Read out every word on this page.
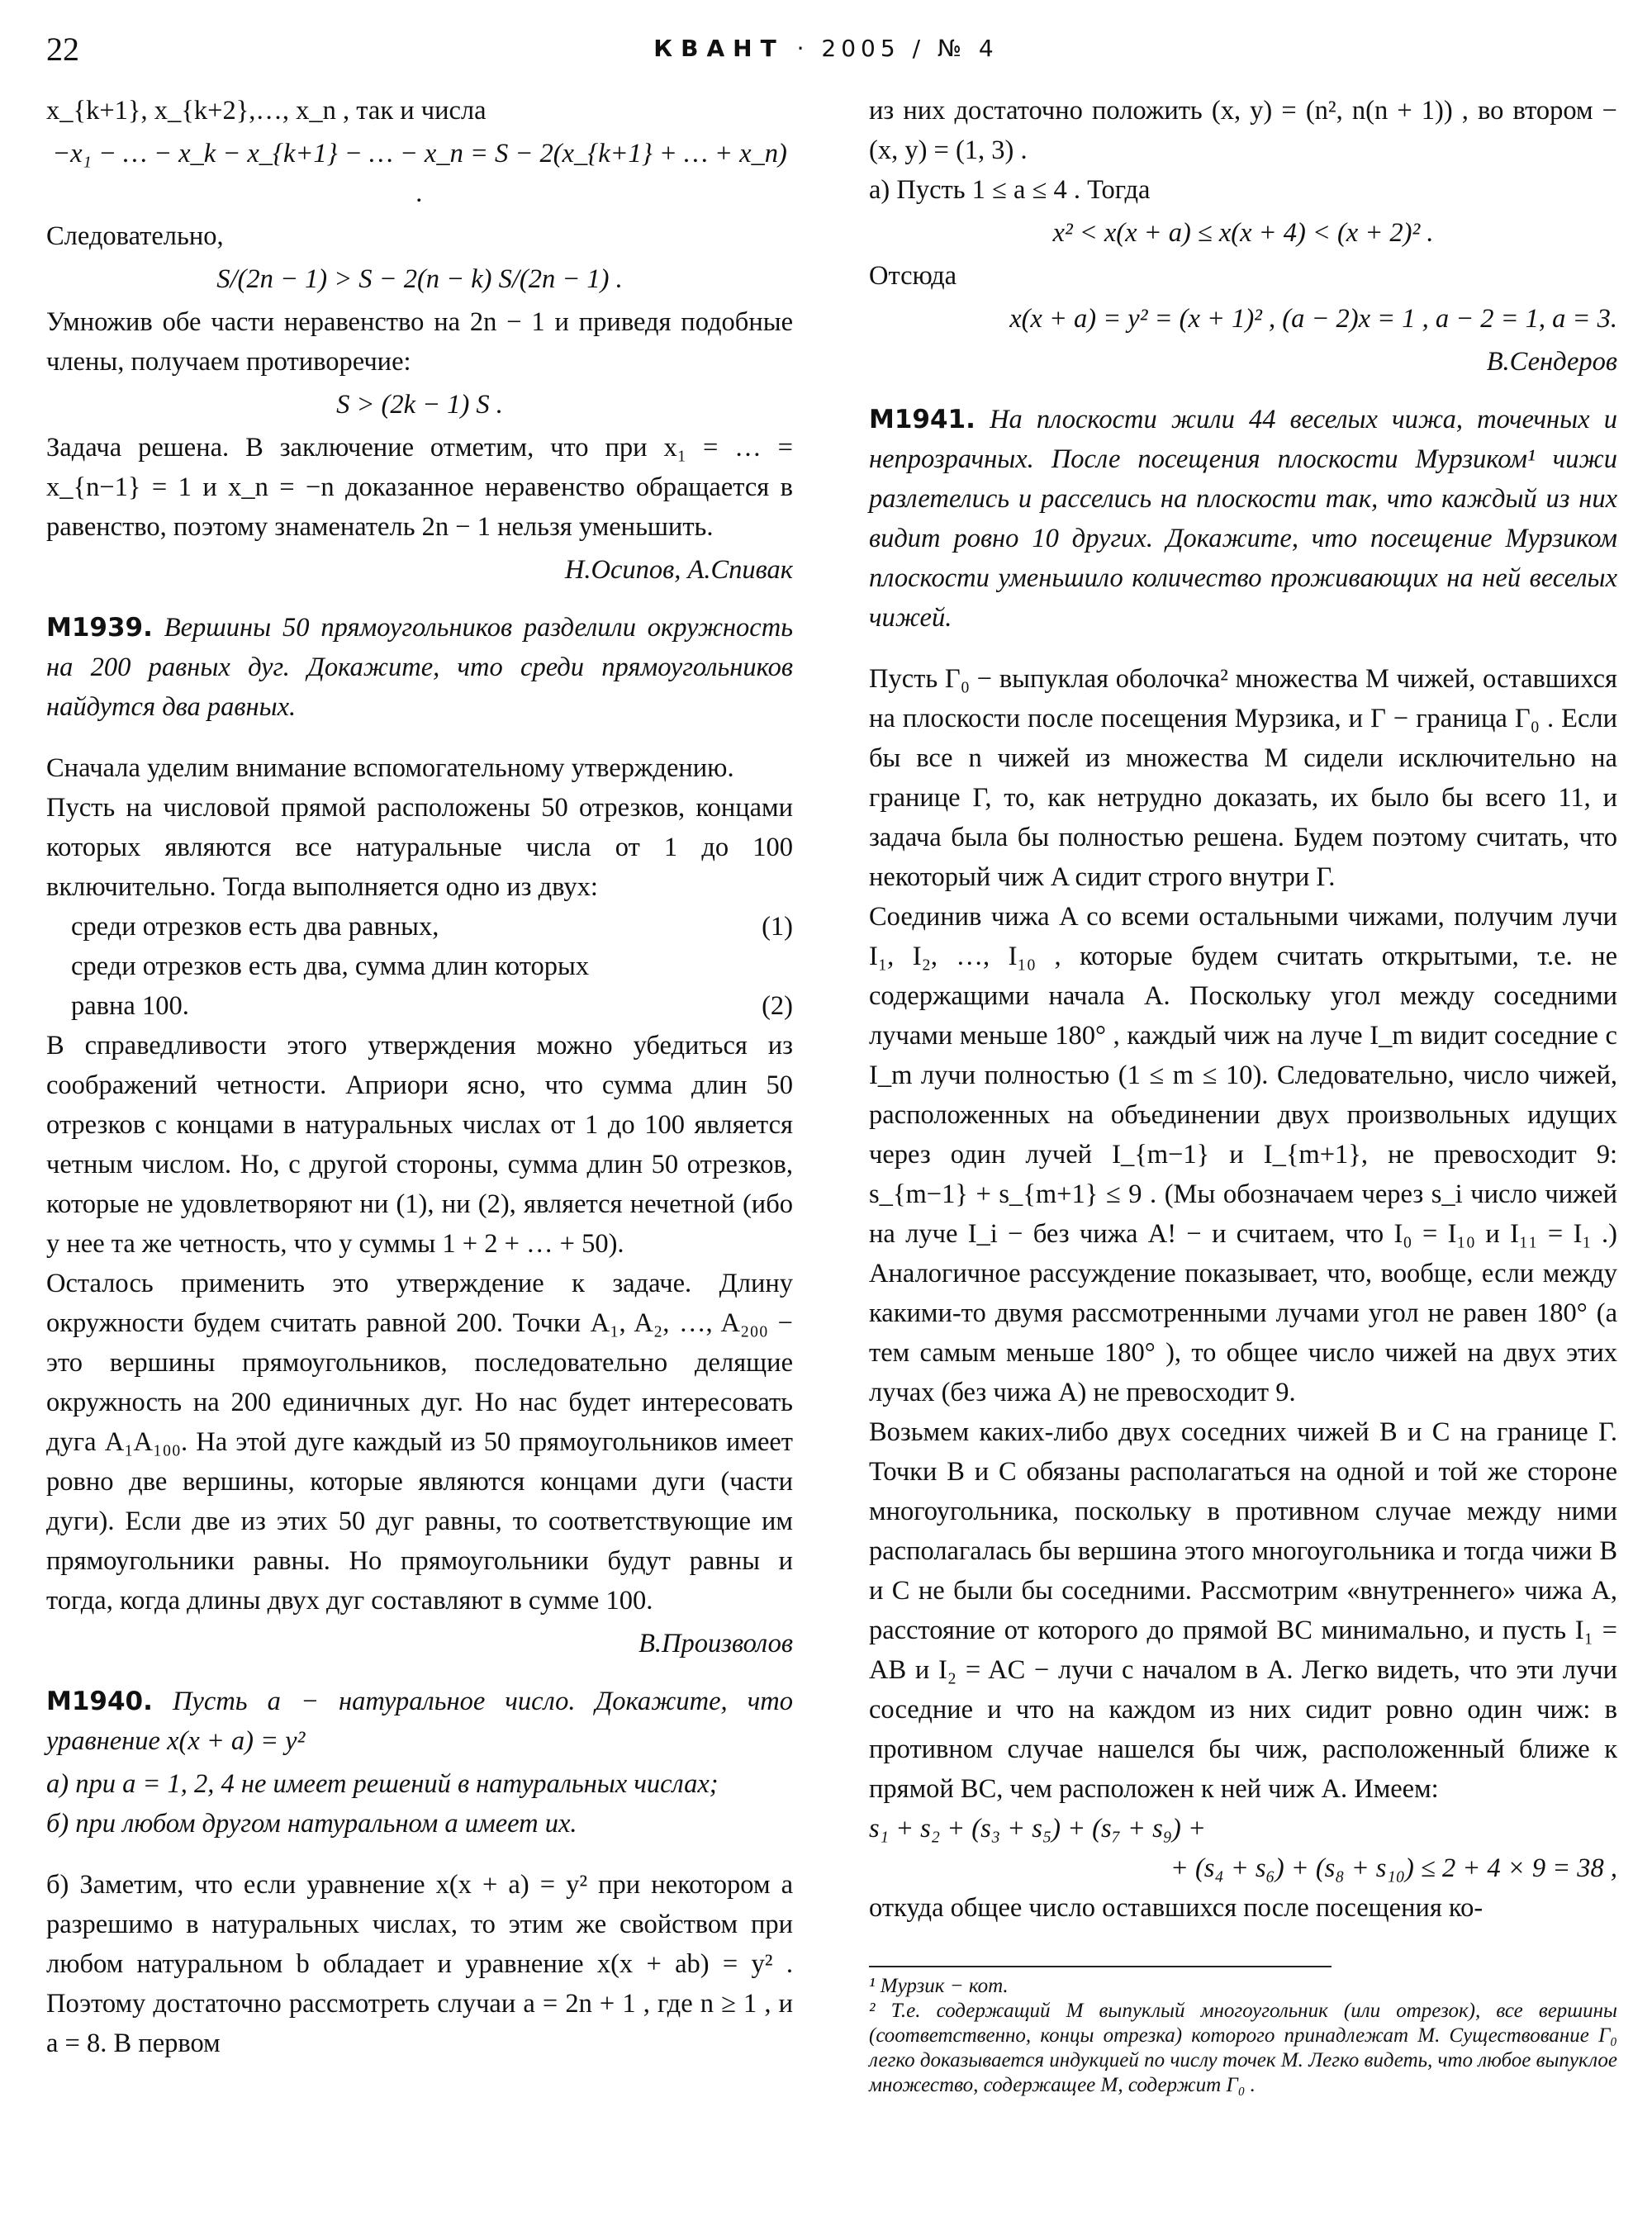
22	КВАНТ · 2005 / № 4

x_{k+1}, x_{k+2},…, x_n , так и числа

−x₁ − … − x_k − x_{k+1} − … − x_n = S − 2(x_{k+1} + … + x_n) .

Следовательно,

S/(2n − 1) > S − 2(n − k) S/(2n − 1) .

Умножив обе части неравенство на 2n − 1 и приведя подобные члены, получаем противоречие:

S > (2k − 1) S .

Задача решена. В заключение отметим, что при x₁ = … = x_{n−1} = 1 и x_n = −n доказанное неравенство обращается в равенство, поэтому знаменатель 2n − 1 нельзя уменьшить.

Н.Осипов, А.Спивак

М1939. Вершины 50 прямоугольников разделили окружность на 200 равных дуг. Докажите, что среди прямоугольников найдутся два равных.

Сначала уделим внимание вспомогательному утверждению.

Пусть на числовой прямой расположены 50 отрезков, концами которых являются все натуральные числа от 1 до 100 включительно. Тогда выполняется одно из двух:

среди отрезков есть два равных,	(1)
среди отрезков есть два, сумма длин которых
равна 100.	(2)

В справедливости этого утверждения можно убедиться из соображений четности. Априори ясно, что сумма длин 50 отрезков с концами в натуральных числах от 1 до 100 является четным числом. Но, с другой стороны, сумма длин 50 отрезков, которые не удовлетворяют ни (1), ни (2), является нечетной (ибо у нее та же четность, что у суммы 1 + 2 + … + 50).

Осталось применить это утверждение к задаче. Длину окружности будем считать равной 200. Точки A₁, A₂, …, A₂₀₀ − это вершины прямоугольников, последовательно делящие окружность на 200 единичных дуг. Но нас будет интересовать дуга A₁A₁₀₀. На этой дуге каждый из 50 прямоугольников имеет ровно две вершины, которые являются концами дуги (части дуги). Если две из этих 50 дуг равны, то соответствующие им прямоугольники равны. Но прямоугольники будут равны и тогда, когда длины двух дуг составляют в сумме 100.

В.Произволов

М1940. Пусть a − натуральное число. Докажите, что уравнение x(x + a) = y²

а) при a = 1, 2, 4 не имеет решений в натуральных числах;

б) при любом другом натуральном a имеет их.

б) Заметим, что если уравнение x(x + a) = y² при некотором a разрешимо в натуральных числах, то этим же свойством при любом натуральном b обладает и уравнение x(x + ab) = y² . Поэтому достаточно рассмотреть случаи a = 2n + 1 , где n ≥ 1 , и a = 8. В первом

из них достаточно положить (x, y) = (n², n(n + 1)) , во втором − (x, y) = (1, 3) .

а) Пусть 1 ≤ a ≤ 4 . Тогда

x² < x(x + a) ≤ x(x + 4) < (x + 2)² .

Отсюда

x(x + a) = y² = (x + 1)² , (a − 2)x = 1 , a − 2 = 1, a = 3.
В.Сендеров

М1941. На плоскости жили 44 веселых чижа, точечных и непрозрачных. После посещения плоскости Мурзиком¹ чижи разлетелись и расселись на плоскости так, что каждый из них видит ровно 10 других. Докажите, что посещение Мурзиком плоскости уменьшило количество проживающих на ней веселых чижей.

Пусть Γ₀ − выпуклая оболочка² множества M чижей, оставшихся на плоскости после посещения Мурзика, и Γ − граница Γ₀ . Если бы все n чижей из множества M сидели исключительно на границе Γ, то, как нетрудно доказать, их было бы всего 11, и задача была бы полностью решена. Будем поэтому считать, что некоторый чиж A сидит строго внутри Γ.

Соединив чижа A со всеми остальными чижами, получим лучи I₁, I₂, …, I₁₀ , которые будем считать открытыми, т.е. не содержащими начала A. Поскольку угол между соседними лучами меньше 180° , каждый чиж на луче I_m видит соседние с I_m лучи полностью (1 ≤ m ≤ 10). Следовательно, число чижей, расположенных на объединении двух произвольных идущих через один лучей I_{m−1} и I_{m+1}, не превосходит 9: s_{m−1} + s_{m+1} ≤ 9 . (Мы обозначаем через s_i число чижей на луче I_i − без чижа A! − и считаем, что I₀ = I₁₀ и I₁₁ = I₁ .) Аналогичное рассуждение показывает, что, вообще, если между какими-то двумя рассмотренными лучами угол не равен 180° (а тем самым меньше 180° ), то общее число чижей на двух этих лучах (без чижа A) не превосходит 9.

Возьмем каких-либо двух соседних чижей B и C на границе Γ. Точки B и C обязаны располагаться на одной и той же стороне многоугольника, поскольку в противном случае между ними располагалась бы вершина этого многоугольника и тогда чижи B и C не были бы соседними. Рассмотрим «внутреннего» чижа A, расстояние от которого до прямой BC минимально, и пусть I₁ = AB и I₂ = AC − лучи с началом в A. Легко видеть, что эти лучи соседние и что на каждом из них сидит ровно один чиж: в противном случае нашелся бы чиж, расположенный ближе к прямой BC, чем расположен к ней чиж A. Имеем:

s₁ + s₂ + (s₃ + s₅) + (s₇ + s₉) +
+ (s₄ + s₆) + (s₈ + s₁₀) ≤ 2 + 4 × 9 = 38 ,

откуда общее число оставшихся после посещения ко-

¹ Мурзик − кот.
² Т.е. содержащий M выпуклый многоугольник (или отрезок), все вершины (соответственно, концы отрезка) которого принадлежат M. Существование Γ₀ легко доказывается индукцией по числу точек M. Легко видеть, что любое выпуклое множество, содержащее M, содержит Γ₀ .
